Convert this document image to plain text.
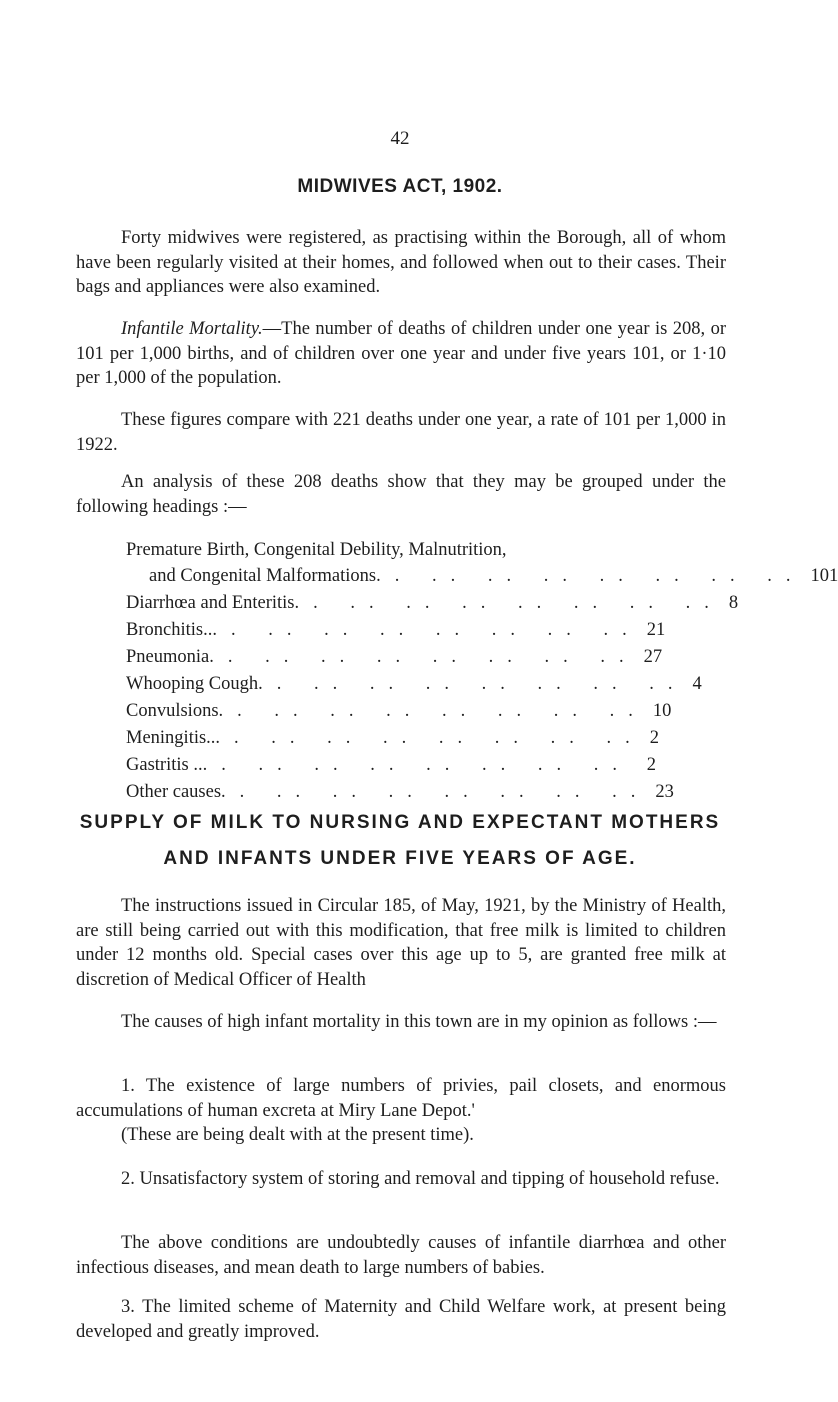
42
MIDWIVES ACT, 1902.

Forty midwives were registered, as practising within the Borough, all of whom have been regularly visited at their homes, and followed when out to their cases. Their bags and appliances were also examined.

Infantile Mortality.—The number of deaths of children under one year is 208, or 101 per 1,000 births, and of children over one year and under five years 101, or 1·10 per 1,000 of the population.

These figures compare with 221 deaths under one year, a rate of 101 per 1,000 in 1922.

An analysis of these 208 deaths show that they may be grouped under the following headings :—

Premature Birth, Congenital Debility, Malnutrition,
and Congenital Malformations .. .. .. .. .. .. .. .. 101
Diarrhœa and Enteritis .. .. .. .. .. .. .. .. 8
Bronchitis.. .. .. .. .. .. .. .. .. 21
Pneumonia .. .. .. .. .. .. .. .. 27
Whooping Cough .. .. .. .. .. .. .. .. 4
Convulsions .. .. .. .. .. .. .. .. 10
Meningitis.. .. .. .. .. .. .. .. .. 2
Gastritis .. .. .. .. .. .. .. .. .. 2
Other causes .. .. .. .. .. .. .. .. 23
SUPPLY OF MILK TO NURSING AND EXPECTANT MOTHERS
AND INFANTS UNDER FIVE YEARS OF AGE.

The instructions issued in Circular 185, of May, 1921, by the Ministry of Health, are still being carried out with this modification, that free milk is limited to children under 12 months old. Special cases over this age up to 5, are granted free milk at discretion of Medical Officer of Health

The causes of high infant mortality in this town are in my opinion as follows :—

1. The existence of large numbers of privies, pail closets, and enormous accumulations of human excreta at Miry Lane Depot.'
(These are being dealt with at the present time).

2. Unsatisfactory system of storing and removal and tipping of household refuse.

The above conditions are undoubtedly causes of infantile diarrhœa and other infectious diseases, and mean death to large numbers of babies.

3. The limited scheme of Maternity and Child Welfare work, at present being developed and greatly improved.
